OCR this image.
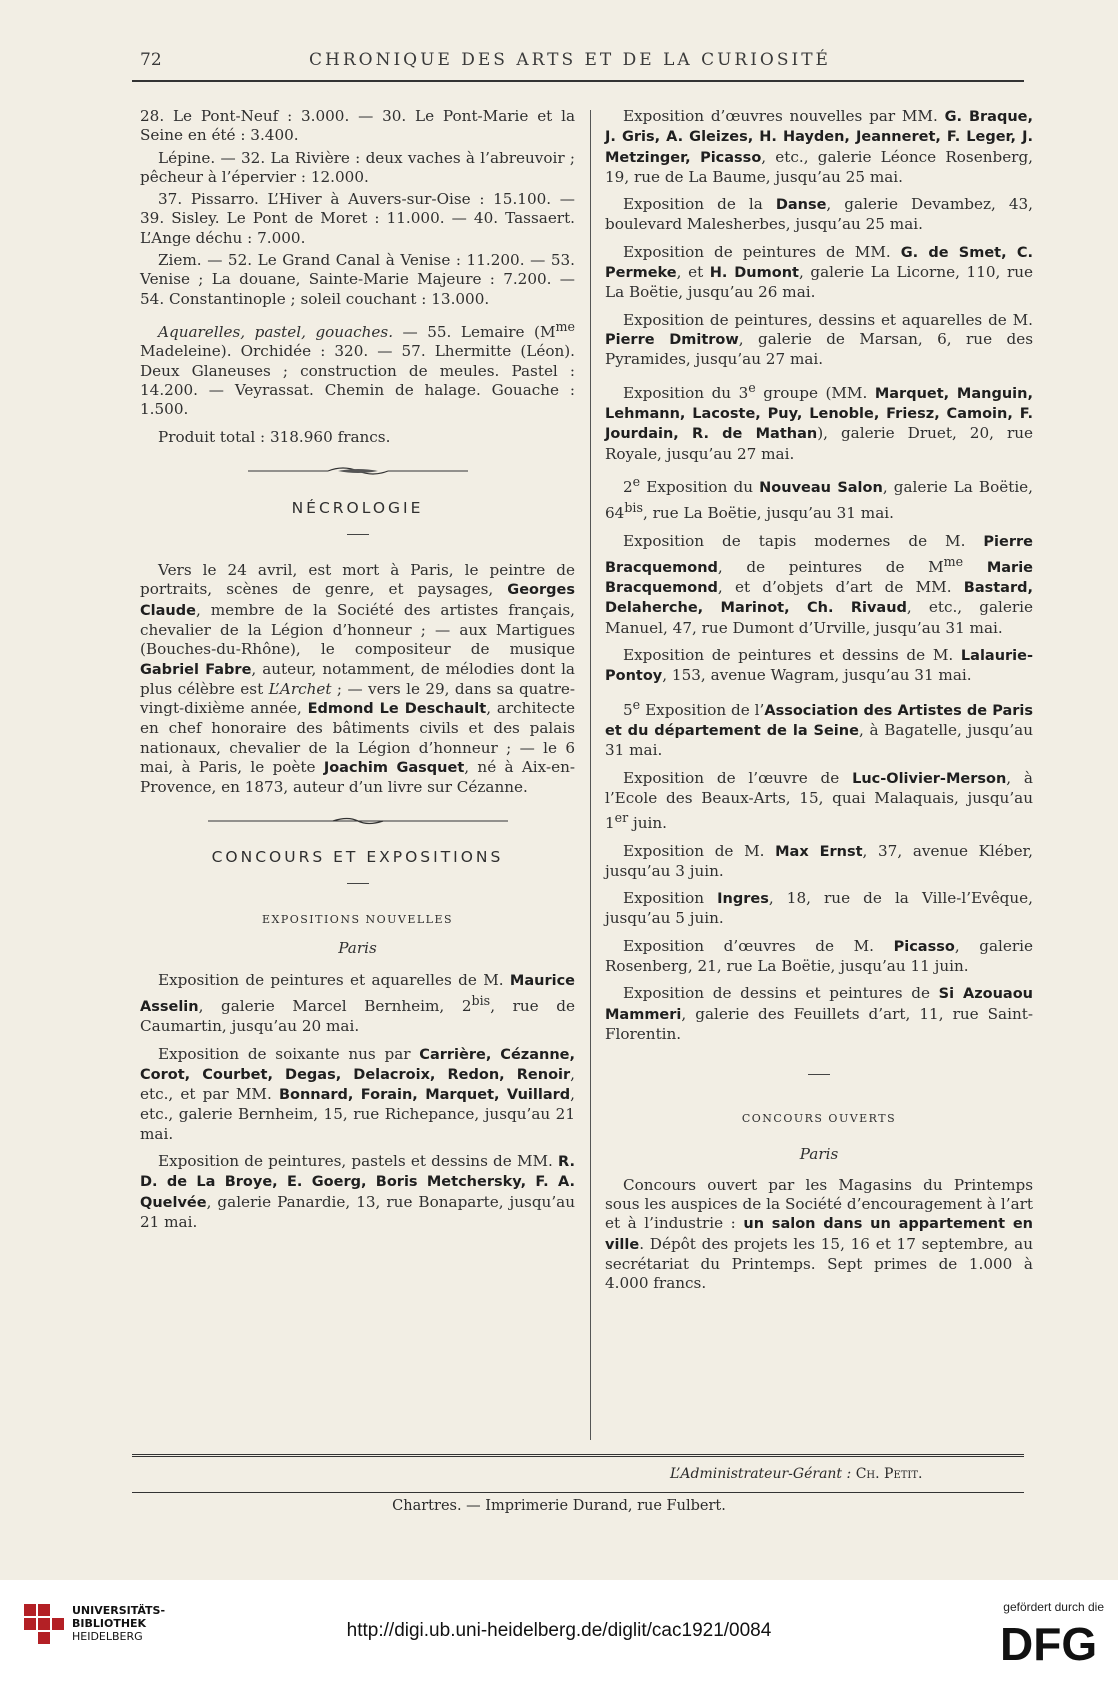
72	CHRONIQUE DES ARTS ET DE LA CURIOSITÉ

28. Le Pont-Neuf : 3.000. — 30. Le Pont-Marie et la Seine en été : 3.400.

Lépine. — 32. La Rivière : deux vaches à l’abreuvoir ; pêcheur à l’épervier : 12.000.

37. Pissarro. L’Hiver à Auvers-sur-Oise : 15.100. — 39. Sisley. Le Pont de Moret : 11.000. — 40. Tassaert. L’Ange déchu : 7.000.

Ziem. — 52. Le Grand Canal à Venise : 11.200. — 53. Venise ; La douane, Sainte-Marie Majeure : 7.200. — 54. Constantinople ; soleil couchant : 13.000.

Aquarelles, pastel, gouaches. — 55. Lemaire ($M^{me}$ Madeleine). Orchidée : 320. — 57. Lhermitte (Léon). Deux Glaneuses ; construction de meules. Pastel : 14.200. — Veyrassat. Chemin de halage. Gouache : 1.500.

Produit total : 318.960 francs.

NÉCROLOGIE

Vers le 24 avril, est mort à Paris, le peintre de portraits, scènes de genre, et paysages, Georges Claude, membre de la Société des artistes français, chevalier de la Légion d’honneur ; — aux Martigues (Bouches-du-Rhône), le compositeur de musique Gabriel Fabre, auteur, notamment, de mélodies dont la plus célèbre est L’Archet ; — vers le 29, dans sa quatre-vingt-dixième année, Edmond Le Deschault, architecte en chef honoraire des bâtiments civils et des palais nationaux, chevalier de la Légion d’honneur ; — le 6 mai, à Paris, le poète Joachim Gasquet, né à Aix-en-Provence, en 1873, auteur d’un livre sur Cézanne.

CONCOURS ET EXPOSITIONS
EXPOSITIONS NOUVELLES
Paris

Exposition de peintures et aquarelles de M. Maurice Asselin, galerie Marcel Bernheim, $2^{bis}$, rue de Caumartin, jusqu’au 20 mai.

Exposition de soixante nus par Carrière, Cézanne, Corot, Courbet, Degas, Delacroix, Redon, Renoir, etc., et par MM. Bonnard, Forain, Marquet, Vuillard, etc., galerie Bernheim, 15, rue Richepance, jusqu’au 21 mai.

Exposition de peintures, pastels et dessins de MM. R. D. de La Broye, E. Goerg, Boris Metchersky, F. A. Quelvée, galerie Panardie, 13, rue Bonaparte, jusqu’au 21 mai.

Exposition d’œuvres nouvelles par MM. G. Braque, J. Gris, A. Gleizes, H. Hayden, Jeanneret, F. Leger, J. Metzinger, Picasso, etc., galerie Léonce Rosenberg, 19, rue de La Baume, jusqu’au 25 mai.

Exposition de la Danse, galerie Devambez, 43, boulevard Malesherbes, jusqu’au 25 mai.

Exposition de peintures de MM. G. de Smet, C. Permeke, et H. Dumont, galerie La Licorne, 110, rue La Boëtie, jusqu’au 26 mai.

Exposition de peintures, dessins et aquarelles de M. Pierre Dmitrow, galerie de Marsan, 6, rue des Pyramides, jusqu’au 27 mai.

Exposition du 3e groupe (MM. Marquet, Manguin, Lehmann, Lacoste, Puy, Lenoble, Friesz, Camoin, F. Jourdain, R. de Mathan), galerie Druet, 20, rue Royale, jusqu’au 27 mai.

2e Exposition du Nouveau Salon, galerie La Boëtie, $64^{bis}$, rue La Boëtie, jusqu’au 31 mai.

Exposition de tapis modernes de M. Pierre Bracquemond, de peintures de $M^{me}$ Marie Bracquemond, et d’objets d’art de MM. Bastard, Delaherche, Marinot, Ch. Rivaud, etc., galerie Manuel, 47, rue Dumont d’Urville, jusqu’au 31 mai.

Exposition de peintures et dessins de M. Lalaurie-Pontoy, 153, avenue Wagram, jusqu’au 31 mai.

5e Exposition de l’Association des Artistes de Paris et du département de la Seine, à Bagatelle, jusqu’au 31 mai.

Exposition de l’œuvre de Luc-Olivier-Merson, à l’Ecole des Beaux-Arts, 15, quai Malaquais, jusqu’au 1er juin.

Exposition de M. Max Ernst, 37, avenue Kléber, jusqu’au 3 juin.

Exposition Ingres, 18, rue de la Ville-l’Evêque, jusqu’au 5 juin.

Exposition d’œuvres de M. Picasso, galerie Rosenberg, 21, rue La Boëtie, jusqu’au 11 juin.

Exposition de dessins et peintures de Si Azouaou Mammeri, galerie des Feuillets d’art, 11, rue Saint-Florentin.

CONCOURS OUVERTS
Paris

Concours ouvert par les Magasins du Printemps sous les auspices de la Société d’encouragement à l’art et à l’industrie : un salon dans un appartement en ville. Dépôt des projets les 15, 16 et 17 septembre, au secrétariat du Printemps. Sept primes de 1.000 à 4.000 francs.

L’Administrateur-Gérant : Ch. Petit.
Chartres. — Imprimerie Durand, rue Fulbert.
UNIVERSITÄTS-
BIBLIOTHEK
HEIDELBERG	http://digi.ub.uni-heidelberg.de/diglit/cac1921/0084
gefördert durch die
DFG
